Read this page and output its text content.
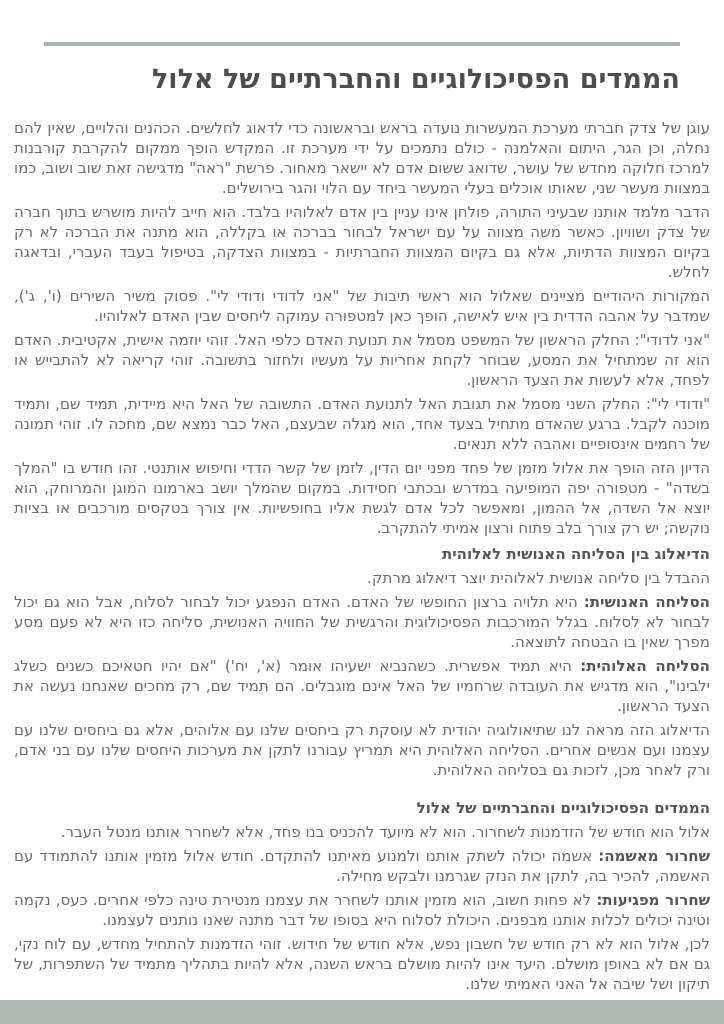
הממדים הפסיכולוגיים והחברתיים של אלול

עוגן של צדק חברתי מערכת המעשרות נועדה בראש ובראשונה כדי לדאוג לחלשים. הכהנים והלויים, שאין להם נחלה, וכן הגר, היתום והאלמנה - כולם נתמכים על ידי מערכת זו. המקדש הופך ממקום להקרבת קורבנות למרכז חלוקה מחדש של עושר, שדואג ששום אדם לא יישאר מאחור. פרשת "ראה" מדגישה זאת שוב ושוב, כמו במצוות מעשר שני, שאותו אוכלים בעלי המעשר ביחד עם הלוי והגר בירושלים.

הדבר מלמד אותנו שבעיני התורה, פולחן אינו עניין בין אדם לאלוהיו בלבד. הוא חייב להיות מושרש בתוך חברה של צדק ושוויון. כאשר משה מצווה על עם ישראל לבחור בברכה או בקללה, הוא מתנה את הברכה לא רק בקיום המצוות הדתיות, אלא גם בקיום המצוות החברתיות - במצוות הצדקה, בטיפול בעבד העברי, ובדאגה לחלש.

המקורות היהודיים מציינים שאלול הוא ראשי תיבות של "אני לדודי ודודי לי". פסוק משיר השירים (ו', ג'), שמדבר על אהבה הדדית בין איש לאישה, הופך כאן למטפורה עמוקה ליחסים שבין האדם לאלוהיו.

"אני לדודי": החלק הראשון של המשפט מסמל את תנועת האדם כלפי האל. זוהי יוזמה אישית, אקטיבית. האדם הוא זה שמתחיל את המסע, שבוחר לקחת אחריות על מעשיו ולחזור בתשובה. זוהי קריאה לא להתבייש או לפחד, אלא לעשות את הצעד הראשון.

"ודודי לי": החלק השני מסמל את תגובת האל לתנועת האדם. התשובה של האל היא מיידית, תמיד שם, ותמיד מוכנה לקבל. ברגע שהאדם מתחיל בצעד אחד, הוא מגלה שבעצם, האל כבר נמצא שם, מחכה לו. זוהי תמונה של רחמים אינסופיים ואהבה ללא תנאים.

הדיון הזה הופך את אלול מזמן של פחד מפני יום הדין, לזמן של קשר הדדי וחיפוש אותנטי. זהו חודש בו "המלך בשדה" - מטפורה יפה המופיעה במדרש ובכתבי חסידות. במקום שהמלך יושב בארמונו המוגן והמרוחק, הוא יוצא אל השדה, אל ההמון, ומאפשר לכל אדם לגשת אליו בחופשיות. אין צורך בטקסים מורכבים או בציות נוקשה; יש רק צורך בלב פתוח ורצון אמיתי להתקרב.

הדיאלוג בין הסליחה האנושית לאלוהית

ההבדל בין סליחה אנושית לאלוהית יוצר דיאלוג מרתק.

הסליחה האנושית: היא תלויה ברצון החופשי של האדם. האדם הנפגע יכול לבחור לסלוח, אבל הוא גם יכול לבחור לא לסלוח. בגלל המורכבות הפסיכולוגית והרגשית של החוויה האנושית, סליחה כזו היא לא פעם מסע מפרך שאין בו הבטחה לתוצאה.

הסליחה האלוהית: היא תמיד אפשרית. כשהנביא ישעיהו אומר (א', יח') "אם יהיו חטאיכם כשנים כשלג ילבינו", הוא מדגיש את העובדה שרחמיו של האל אינם מוגבלים. הם תמיד שם, רק מחכים שאנחנו נעשה את הצעד הראשון.

הדיאלוג הזה מראה לנו שתיאולוגיה יהודית לא עוסקת רק ביחסים שלנו עם אלוהים, אלא גם ביחסים שלנו עם עצמנו ועם אנשים אחרים. הסליחה האלוהית היא תמריץ עבורנו לתקן את מערכות היחסים שלנו עם בני אדם, ורק לאחר מכן, לזכות גם בסליחה האלוהית.

הממדים הפסיכולוגיים והחברתיים של אלול

אלול הוא חודש של הזדמנות לשחרור. הוא לא מיועד להכניס בנו פחד, אלא לשחרר אותנו מנטל העבר.

שחרור מאשמה: אשמה יכולה לשתק אותנו ולמנוע מאיתנו להתקדם. חודש אלול מזמין אותנו להתמודד עם האשמה, להכיר בה, לתקן את הנזק שגרמנו ולבקש מחילה.

שחרור מפגיעות: לא פחות חשוב, הוא מזמין אותנו לשחרר את עצמנו מנטירת טינה כלפי אחרים. כעס, נקמה וטינה יכולים לכלות אותנו מבפנים. היכולת לסלוח היא בסופו של דבר מתנה שאנו נותנים לעצמנו.

לכן, אלול הוא לא רק חודש של חשבון נפש, אלא חודש של חידוש. זוהי הזדמנות להתחיל מחדש, עם לוח נקי, גם אם לא באופן מושלם. היעד אינו להיות מושלם בראש השנה, אלא להיות בתהליך מתמיד של השתפרות, של תיקון ושל שיבה אל האני האמיתי שלנו.
